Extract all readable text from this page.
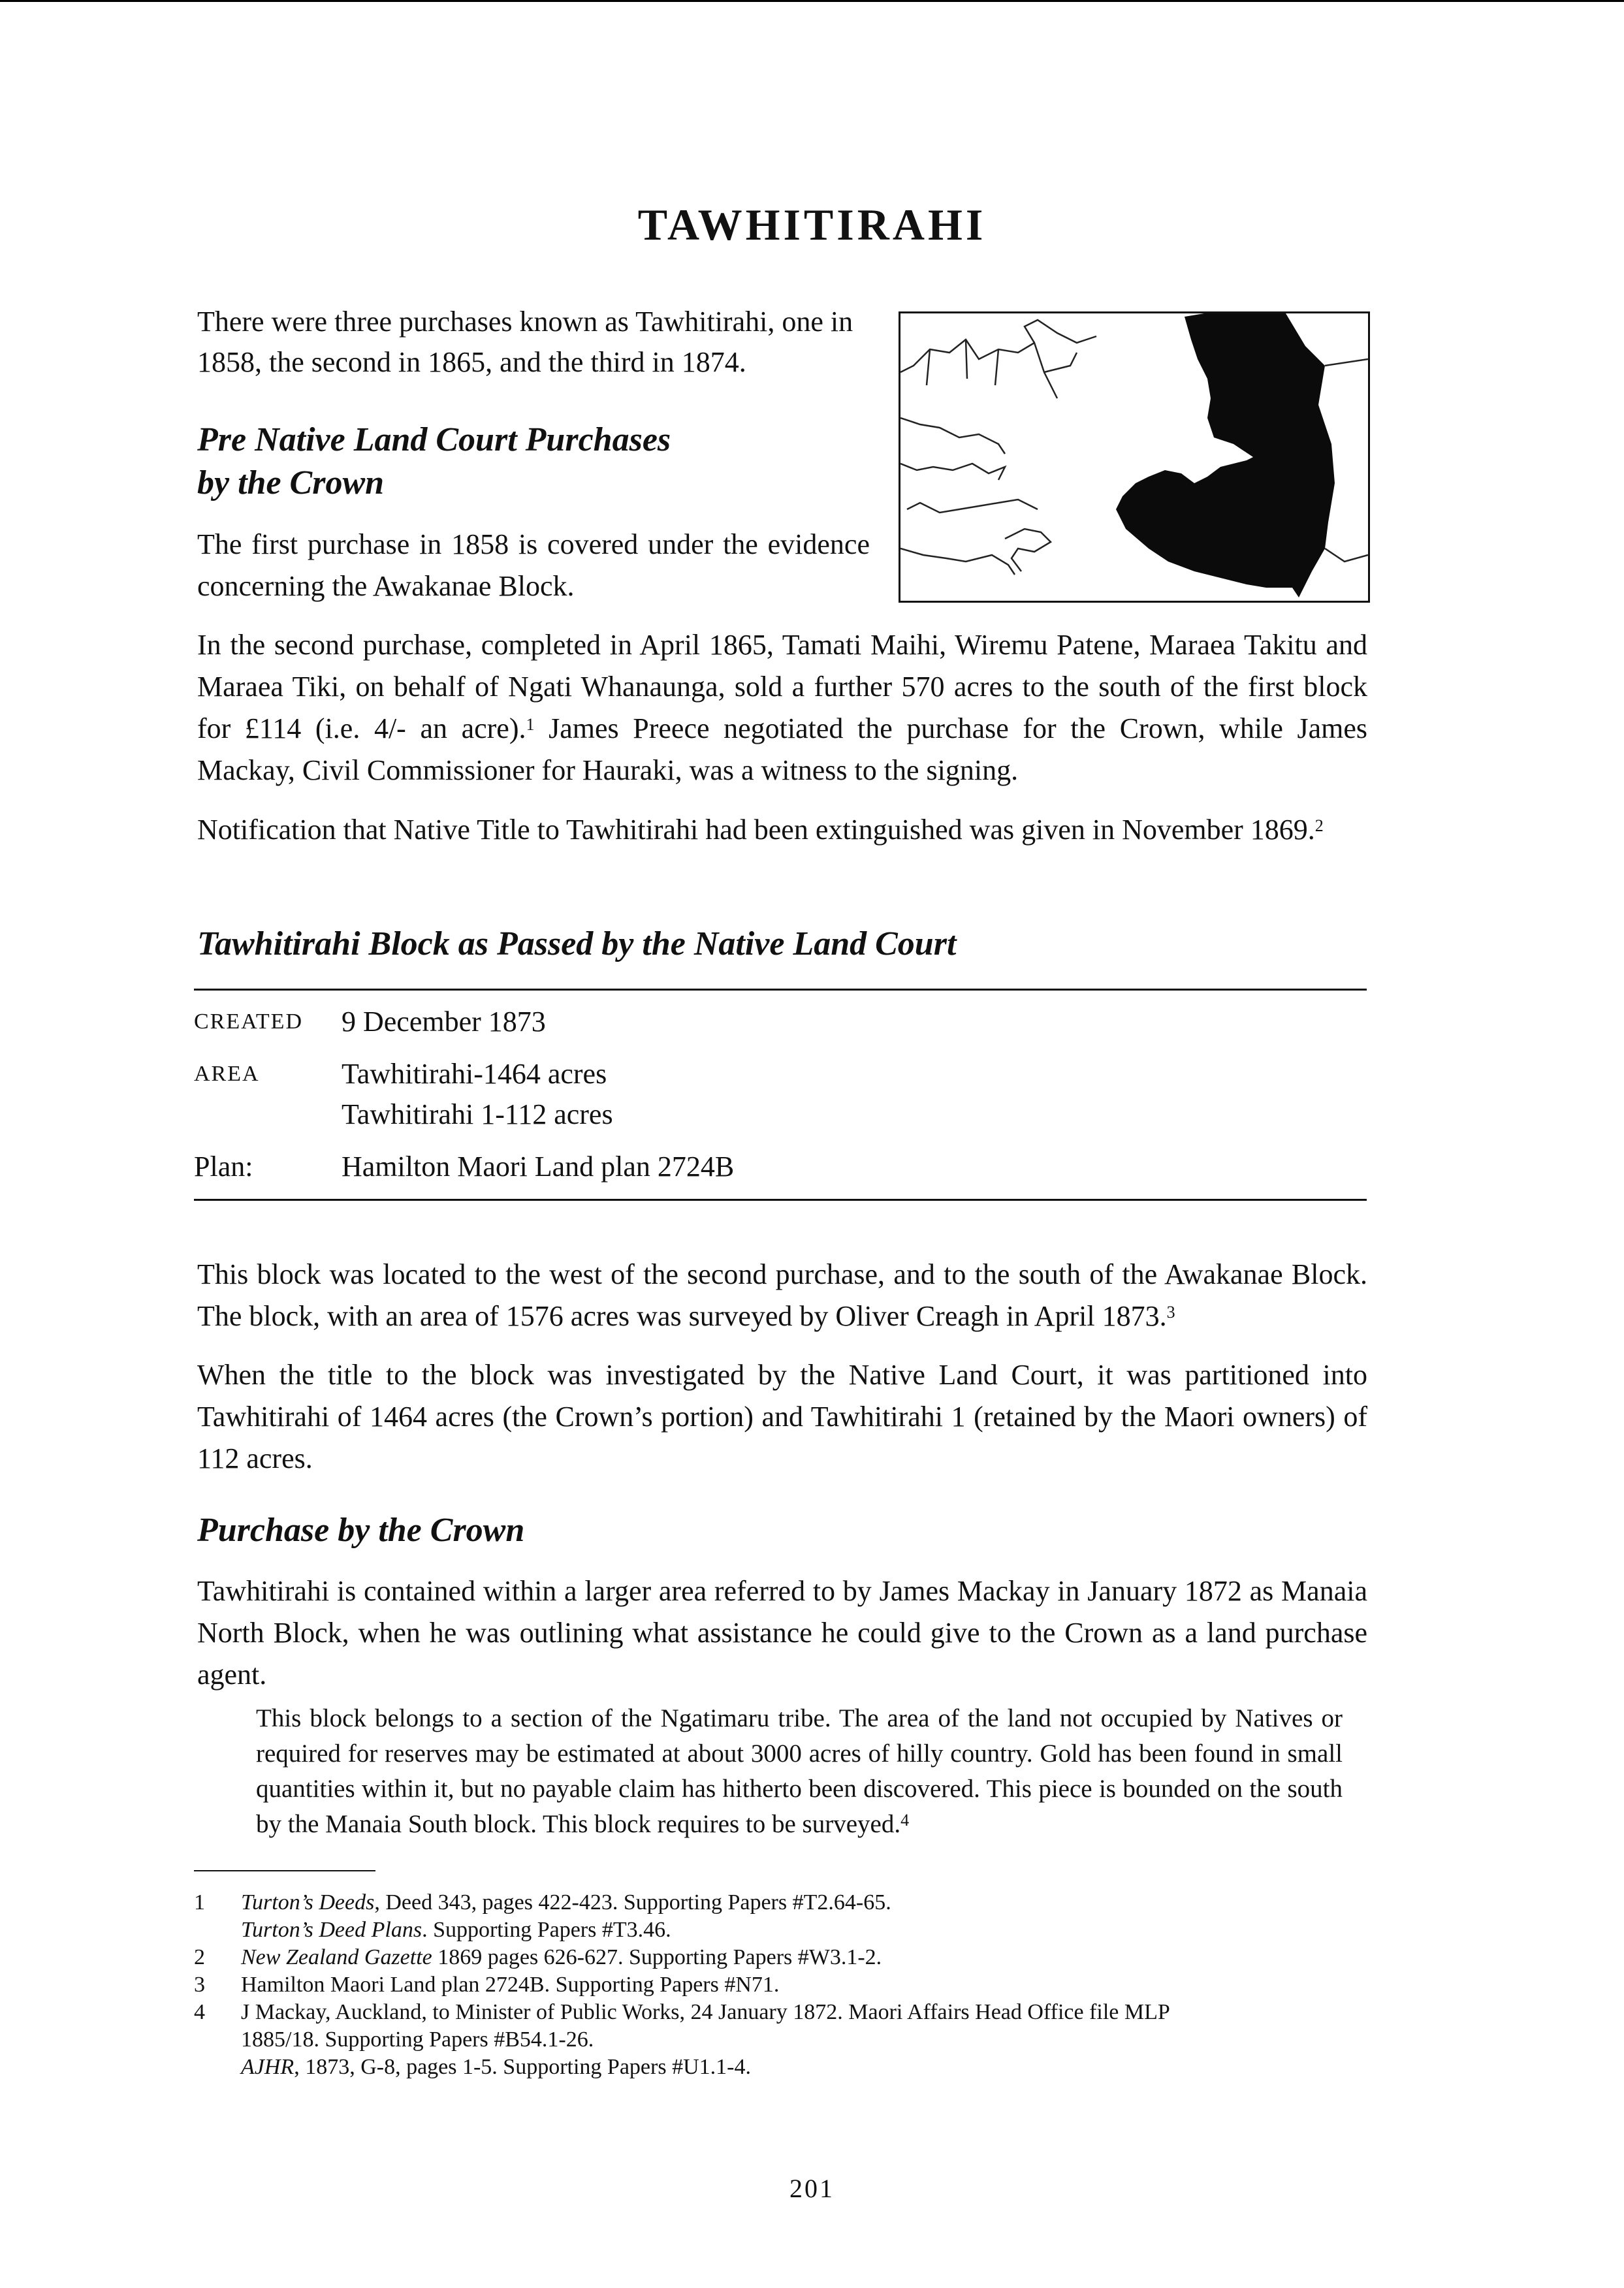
TAWHITIRAHI

There were three purchases known as Tawhitirahi, one in 1858, the second in 1865, and the third in 1874.

Pre Native Land Court Purchases
by the Crown

The first purchase in 1858 is covered under the evidence concerning the Awakanae Block.

In the second purchase, completed in April 1865, Tamati Maihi, Wiremu Patene, Maraea Takitu and Maraea Tiki, on behalf of Ngati Whanaunga, sold a further 570 acres to the south of the first block for £114 (i.e. 4/- an acre).$^1$ James Preece negotiated the purchase for the Crown, while James Mackay, Civil Commissioner for Hauraki, was a witness to the signing.

Notification that Native Title to Tawhitirahi had been extinguished was given in November 1869.$^2$

Tawhitirahi Block as Passed by the Native Land Court
CREATED	9 December 1873
AREA	Tawhitirahi-1464 acres
Tawhitirahi 1-112 acres
Plan:	Hamilton Maori Land plan 2724B

This block was located to the west of the second purchase, and to the south of the Awakanae Block. The block, with an area of 1576 acres was surveyed by Oliver Creagh in April 1873.$^3$

When the title to the block was investigated by the Native Land Court, it was partitioned into Tawhitirahi of 1464 acres (the Crown’s portion) and Tawhitirahi 1 (retained by the Maori owners) of 112 acres.

Purchase by the Crown

Tawhitirahi is contained within a larger area referred to by James Mackay in January 1872 as Manaia North Block, when he was outlining what assistance he could give to the Crown as a land purchase agent.

This block belongs to a section of the Ngatimaru tribe. The area of the land not occupied by Natives or required for reserves may be estimated at about 3000 acres of hilly country. Gold has been found in small quantities within it, but no payable claim has hitherto been discovered. This piece is bounded on the south by the Manaia South block. This block requires to be surveyed.$^4$

1	Turton’s Deeds, Deed 343, pages 422-423. Supporting Papers #T2.64-65.
Turton’s Deed Plans. Supporting Papers #T3.46.
2	New Zealand Gazette 1869 pages 626-627. Supporting Papers #W3.1-2.
3	Hamilton Maori Land plan 2724B. Supporting Papers #N71.
4	J Mackay, Auckland, to Minister of Public Works, 24 January 1872. Maori Affairs Head Office file MLP
1885/18. Supporting Papers #B54.1-26.
AJHR, 1873, G-8, pages 1-5. Supporting Papers #U1.1-4.
201
